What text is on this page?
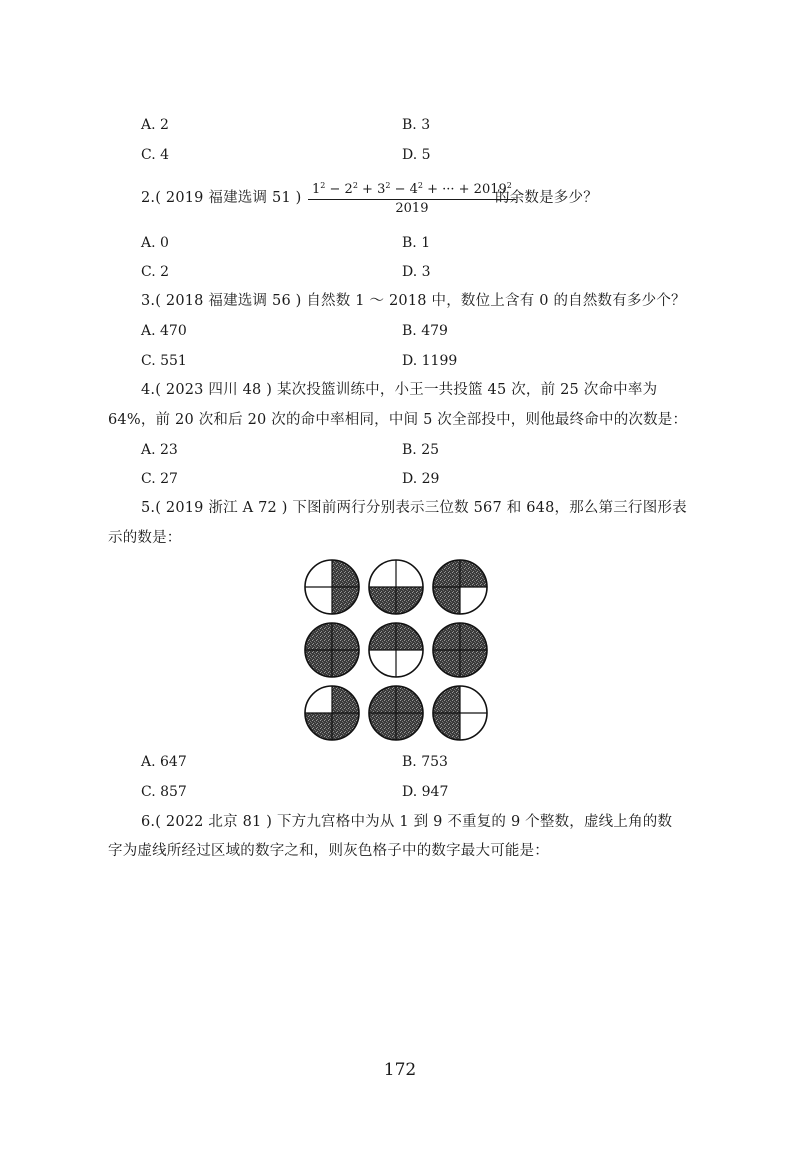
A. 2	B. 3
C. 4	D. 5
2.( 2019 福建选调 51 )
$1^2 - 2^2 + 3^2 - 4^2$ + ··· + $2019^2$
2019
的余数是多少？
A. 0	B. 1
C. 2	D. 3
3.( 2018 福建选调 56 ) 自然数 1 ～ 2018 中，数位上含有 0 的自然数有多少个？
A. 470	B. 479
C. 551	D. 1199
4.( 2023 四川 48 ) 某次投篮训练中，小王一共投篮 45 次，前 25 次命中率为
64%，前 20 次和后 20 次的命中率相同，中间 5 次全部投中，则他最终命中的次数是：
A. 23	B. 25
C. 27	D. 29
5.( 2019 浙江 A 72 ) 下图前两行分别表示三位数 567 和 648，那么第三行图形表
示的数是：
A. 647	B. 753
C. 857	D. 947
6.( 2022 北京 81 ) 下方九宫格中为从 1 到 9 不重复的 9 个整数，虚线上角的数
字为虚线所经过区域的数字之和，则灰色格子中的数字最大可能是：
172
